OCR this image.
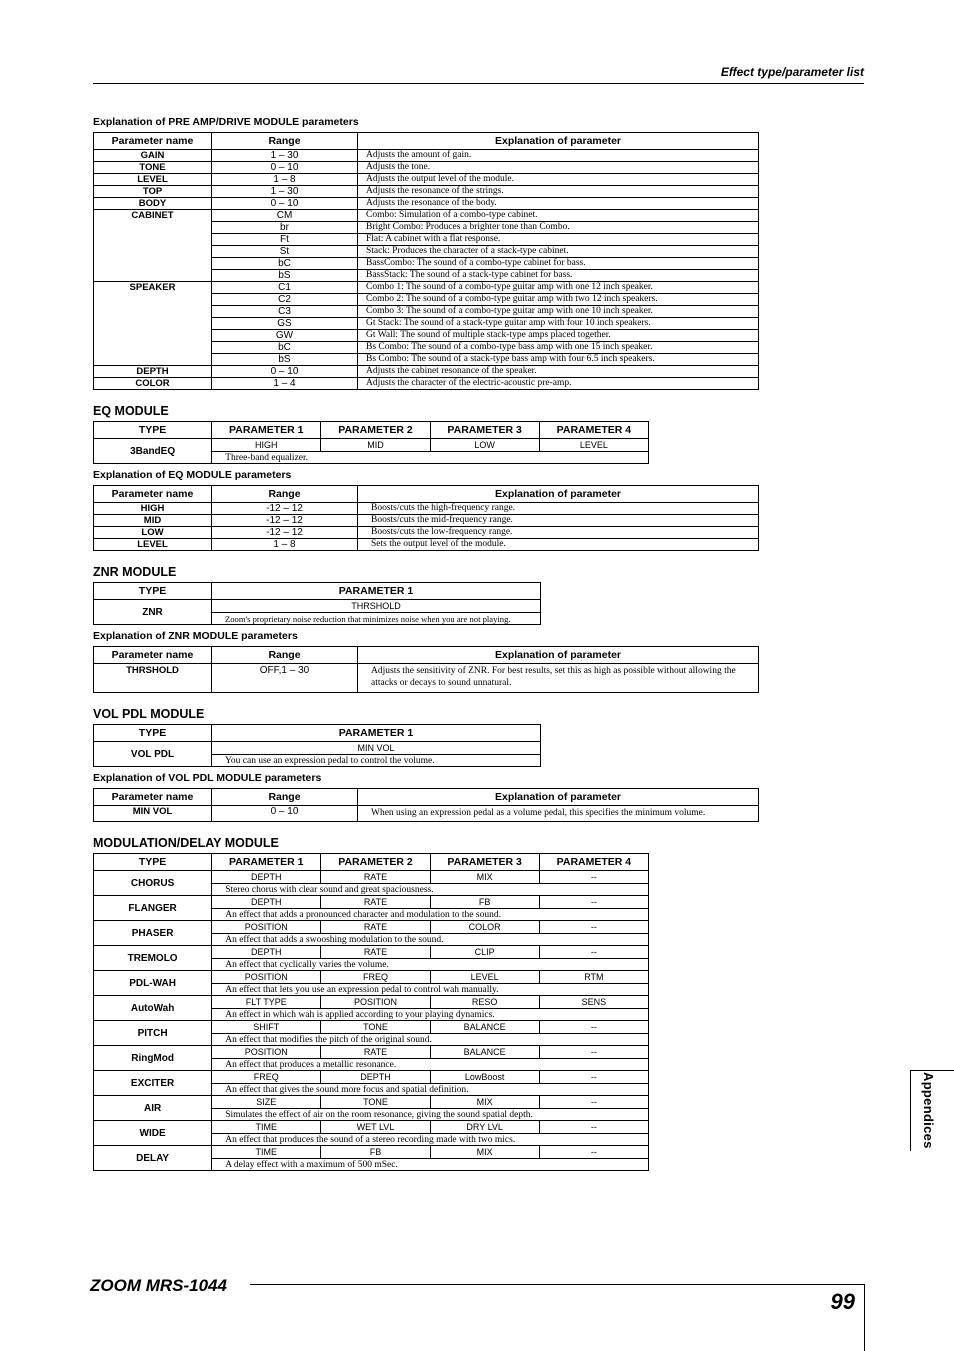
Effect type/parameter list
Explanation of PRE AMP/DRIVE MODULE parameters
Parameter name	Range	Explanation of parameter
GAIN	1 – 30	Adjusts the amount of gain.
TONE	0 – 10	Adjusts the tone.
LEVEL	1 – 8	Adjusts the output level of the module.
TOP	1 – 30	Adjusts the resonance of the strings.
BODY	0 – 10	Adjusts the resonance of the body.
CABINET	CM	Combo: Simulation of a combo-type cabinet.
	br	Bright Combo: Produces a brighter tone than Combo.
	Ft	Flat: A cabinet with a flat response.
	St	Stack: Produces the character of a stack-type cabinet.
	bC	BassCombo: The sound of a combo-type cabinet for bass.
	bS	BassStack: The sound of a stack-type cabinet for bass.
SPEAKER	C1	Combo 1: The sound of a combo-type guitar amp with one 12 inch speaker.
	C2	Combo 2: The sound of a combo-type guitar amp with two 12 inch speakers.
	C3	Combo 3: The sound of a combo-type guitar amp with one 10 inch speaker.
	GS	Gt Stack: The sound of a stack-type guitar amp with four 10 inch speakers.
	GW	Gt Wall: The sound of multiple stack-type amps placed together.
	bC	Bs Combo: The sound of a combo-type bass amp with one 15 inch speaker.
	bS	Bs Combo: The sound of a stack-type bass amp with four 6.5 inch speakers.
DEPTH	0 – 10	Adjusts the cabinet resonance of the speaker.
COLOR	1 – 4	Adjusts the character of the electric-acoustic pre-amp.
EQ MODULE
TYPE	PARAMETER 1	PARAMETER 2	PARAMETER 3	PARAMETER 4
3BandEQ	HIGH	MID	LOW	LEVEL
	Three-band equalizer.			
Explanation of EQ MODULE parameters
Parameter name	Range	Explanation of parameter
HIGH	-12 – 12	Boosts/cuts the high-frequency range.
MID	-12 – 12	Boosts/cuts the mid-frequency range.
LOW	-12 – 12	Boosts/cuts the low-frequency range.
LEVEL	1 – 8	Sets the output level of the module.
ZNR MODULE
TYPE	PARAMETER 1
ZNR	THRSHOLD
	Zoom's proprietary noise reduction that minimizes noise when you are not playing.
Explanation of ZNR MODULE parameters
Parameter name	Range	Explanation of parameter
THRSHOLD	OFF,1 – 30	Adjusts the sensitivity of ZNR. For best results, set this as high as possible without allowing the attacks or decays to sound unnatural.
VOL PDL MODULE
TYPE	PARAMETER 1
VOL PDL	MIN VOL
	You can use an expression pedal to control the volume.
Explanation of VOL PDL MODULE parameters
Parameter name	Range	Explanation of parameter
MIN VOL	0 – 10	When using an expression pedal as a volume pedal, this specifies the minimum volume.
MODULATION/DELAY MODULE
TYPE	PARAMETER 1	PARAMETER 2	PARAMETER 3	PARAMETER 4
CHORUS	DEPTH	RATE	MIX	--
	Stereo chorus with clear sound and great spaciousness.			
FLANGER	DEPTH	RATE	FB	--
	An effect that adds a pronounced character and modulation to the sound.			
PHASER	POSITION	RATE	COLOR	--
	An effect that adds a swooshing modulation to the sound.			
TREMOLO	DEPTH	RATE	CLIP	--
	An effect that cyclically varies the volume.			
PDL-WAH	POSITION	FREQ	LEVEL	RTM
	An effect that lets you use an expression pedal to control wah manually.			
AutoWah	FLT TYPE	POSITION	RESO	SENS
	An effect in which wah is applied according to your playing dynamics.			
PITCH	SHIFT	TONE	BALANCE	--
	An effect that modifies the pitch of the original sound.			
RingMod	POSITION	RATE	BALANCE	--
	An effect that produces a metallic resonance.			
EXCITER	FREQ	DEPTH	LowBoost	--
	An effect that gives the sound more focus and spatial definition.			
AIR	SIZE	TONE	MIX	--
	Simulates the effect of air on the room resonance, giving the sound spatial depth.			
WIDE	TIME	WET LVL	DRY LVL	--
	An effect that produces the sound of a stereo recording made with two mics.			
DELAY	TIME	FB	MIX	--
	A delay effect with a maximum of 500 mSec.			
Appendices
ZOOM MRS-1044
99
